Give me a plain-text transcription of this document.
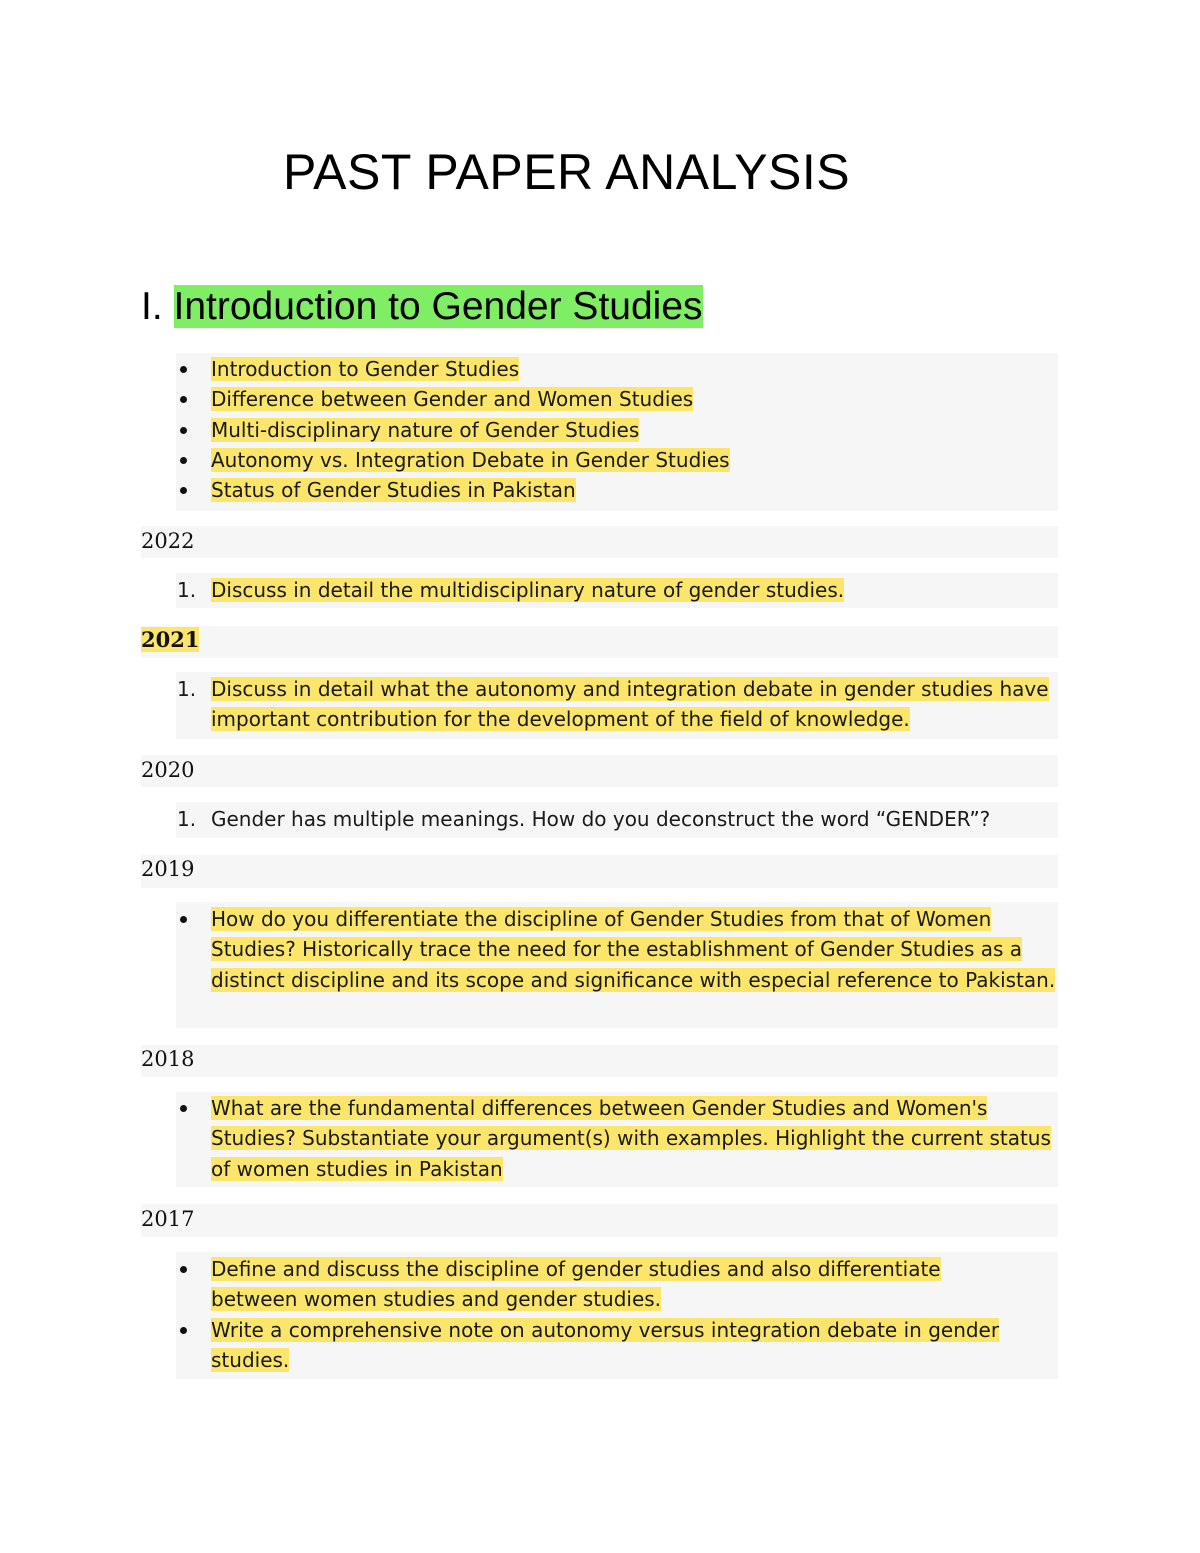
PAST PAPER ANALYSIS
I. Introduction to Gender Studies
Introduction to Gender Studies
Difference between Gender and Women Studies
Multi-disciplinary nature of Gender Studies
Autonomy vs. Integration Debate in Gender Studies
Status of Gender Studies in Pakistan
2022
1. Discuss in detail the multidisciplinary nature of gender studies.
2021
1. Discuss in detail what the autonomy and integration debate in gender studies have important contribution for the development of the field of knowledge.
2020
1. Gender has multiple meanings. How do you deconstruct the word “GENDER”?
2019
How do you differentiate the discipline of Gender Studies from that of Women Studies? Historically trace the need for the establishment of Gender Studies as a distinct discipline and its scope and significance with especial reference to Pakistan.
2018
What are the fundamental differences between Gender Studies and Women's Studies? Substantiate your argument(s) with examples. Highlight the current status of women studies in Pakistan
2017
Define and discuss the discipline of gender studies and also differentiate between women studies and gender studies.
Write a comprehensive note on autonomy versus integration debate in gender studies.
